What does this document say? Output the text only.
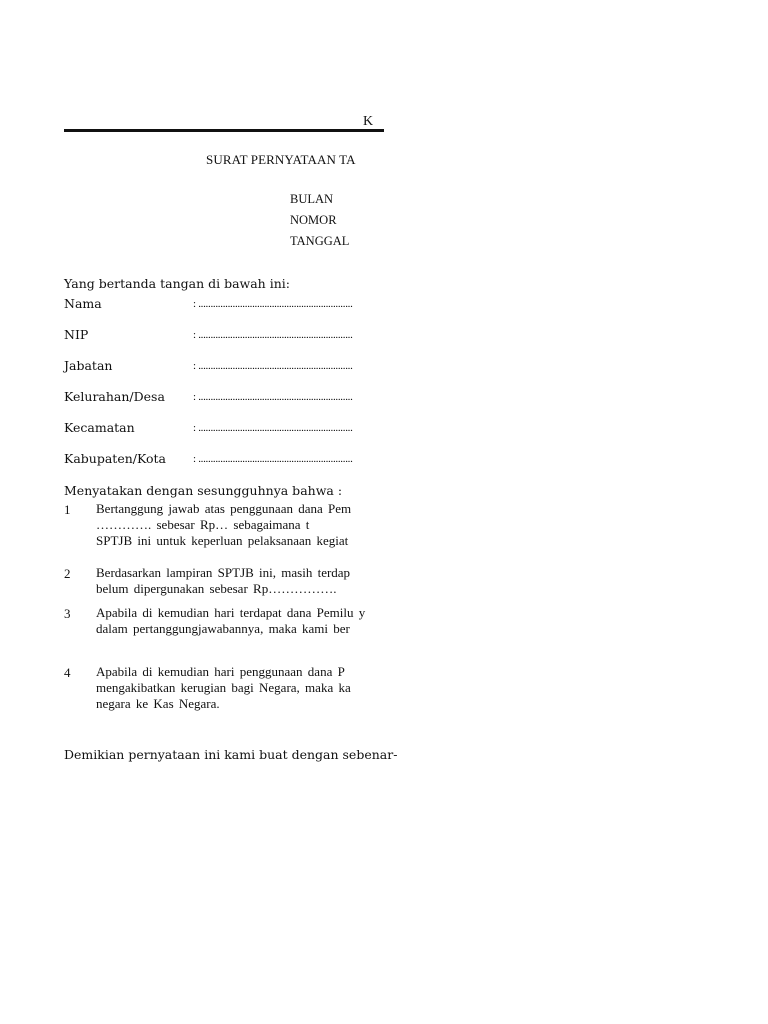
K
SURAT PERNYATAAN TA
BULAN
NOMOR
TANGGAL
Yang bertanda tangan di bawah ini:
Nama	: ...............................................................
NIP	: ...............................................................
Jabatan	: ...............................................................
Kelurahan/Desa	: ...............................................................
Kecamatan	: ...............................................................
Kabupaten/Kota : ...............................................................
Menyatakan dengan sesungguhnya bahwa :
1 Bertanggung jawab atas penggunaan dana Pem
…………. sebesar Rp… sebagaimana t
SPTJB ini untuk keperluan pelaksanaan kegiat
2 Berdasarkan lampiran SPTJB ini, masih terdap
belum dipergunakan sebesar Rp…………….
3 Apabila di kemudian hari terdapat dana Pemilu y
dalam pertanggungjawabannya, maka kami ber
4 Apabila di kemudian hari penggunaan dana P
mengakibatkan kerugian bagi Negara, maka ka
negara ke Kas Negara.
Demikian pernyataan ini kami buat dengan sebenar-
